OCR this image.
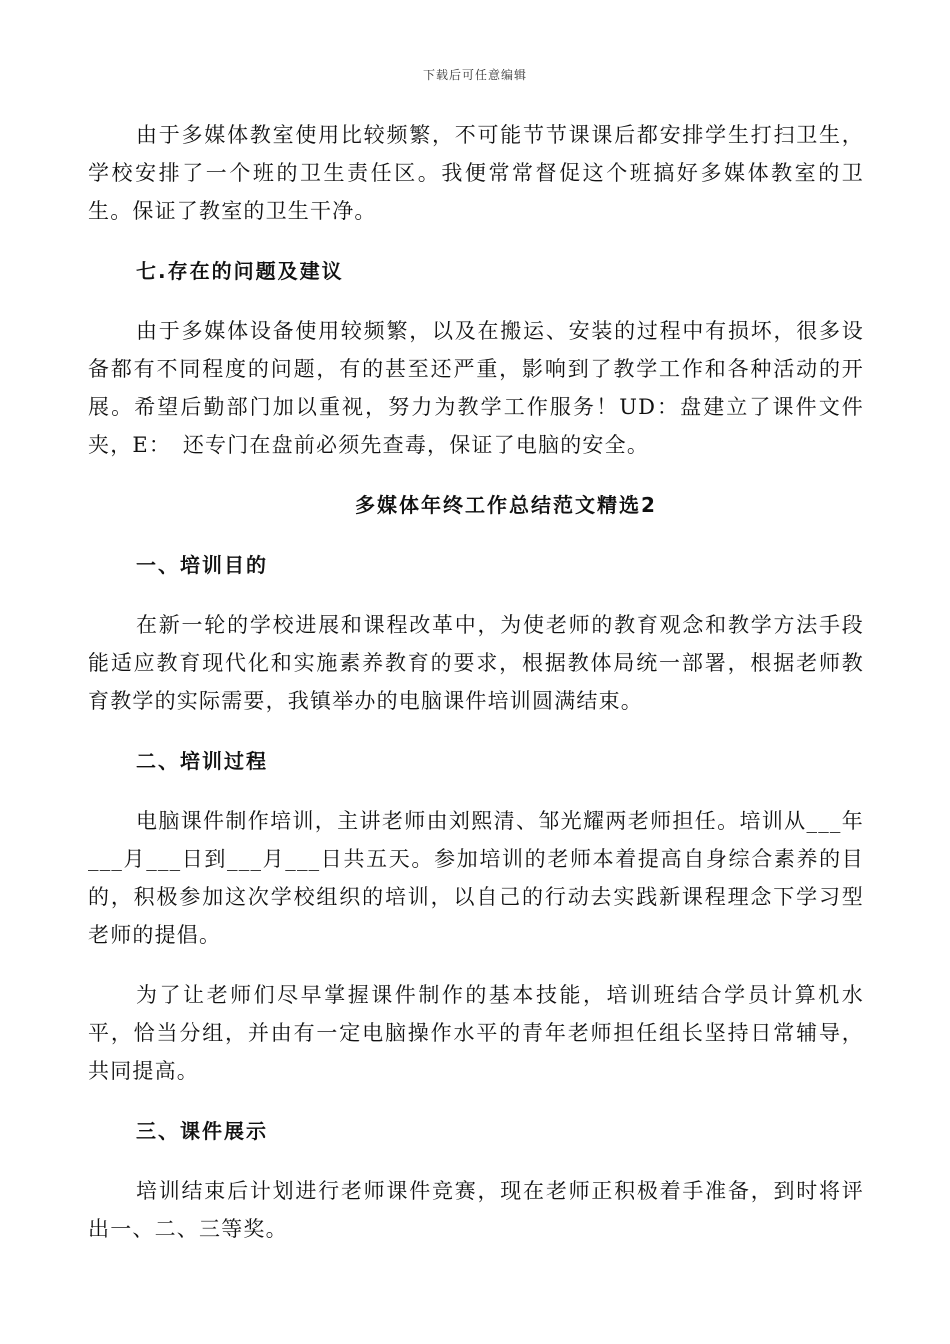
下载后可任意编辑

由于多媒体教室使用比较频繁，不可能节节课课后都安排学生打扫卫生，学校安排了一个班的卫生责任区。我便常常督促这个班搞好多媒体教室的卫生。保证了教室的卫生干净。

七.存在的问题及建议

由于多媒体设备使用较频繁，以及在搬运、安装的过程中有损坏，很多设备都有不同程度的问题，有的甚至还严重，影响到了教学工作和各种活动的开展。希望后勤部门加以重视，努力为教学工作服务！UD：盘建立了课件文件夹，E：　还专门在盘前必须先查毒，保证了电脑的安全。

多媒体年终工作总结范文精选2
一、培训目的

在新一轮的学校进展和课程改革中，为使老师的教育观念和教学方法手段能适应教育现代化和实施素养教育的要求，根据教体局统一部署，根据老师教育教学的实际需要，我镇举办的电脑课件培训圆满结束。

二、培训过程

电脑课件制作培训，主讲老师由刘熙清、邹光耀两老师担任。培训从___年___月___日到___月___日共五天。参加培训的老师本着提高自身综合素养的目的，积极参加这次学校组织的培训，以自己的行动去实践新课程理念下学习型老师的提倡。

为了让老师们尽早掌握课件制作的基本技能，培训班结合学员计算机水平，恰当分组，并由有一定电脑操作水平的青年老师担任组长坚持日常辅导，共同提高。

三、课件展示

培训结束后计划进行老师课件竞赛，现在老师正积极着手准备，到时将评出一、二、三等奖。
